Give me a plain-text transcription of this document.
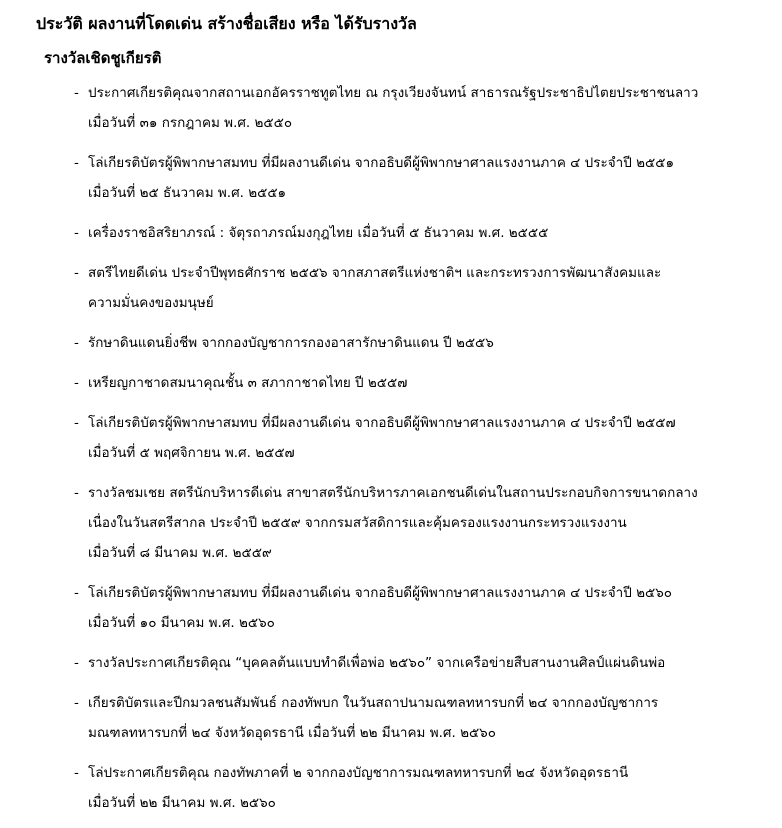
ประวัติ ผลงานที่โดดเด่น สร้างชื่อเสียง หรือ ได้รับรางวัล
รางวัลเชิดชูเกียรติ
- ประกาศเกียรติคุณจากสถานเอกอัครราชทูตไทย ณ กรุงเวียงจันทน์ สาธารณรัฐประชาธิปไตยประชาชนลาว
เมื่อวันที่ ๓๑ กรกฎาคม พ.ศ. ๒๕๕๐
- โล่เกียรติบัตรผู้พิพากษาสมทบ ที่มีผลงานดีเด่น จากอธิบดีผู้พิพากษาศาลแรงงานภาค ๔ ประจำปี ๒๕๕๑
เมื่อวันที่ ๒๕ ธันวาคม พ.ศ. ๒๕๕๑
- เครื่องราชอิสริยาภรณ์ : จัตุรถาภรณ์มงกุฎไทย เมื่อวันที่ ๕ ธันวาคม พ.ศ. ๒๕๕๕
- สตรีไทยดีเด่น ประจำปีพุทธศักราช ๒๕๕๖ จากสภาสตรีแห่งชาติฯ และกระทรวงการพัฒนาสังคมและ
ความมั่นคงของมนุษย์
- รักษาดินแดนยิ่งชีพ จากกองบัญชาการกองอาสารักษาดินแดน ปี ๒๕๕๖
- เหรียญกาชาดสมนาคุณชั้น ๓ สภากาชาดไทย ปี ๒๕๕๗
- โล่เกียรติบัตรผู้พิพากษาสมทบ ที่มีผลงานดีเด่น จากอธิบดีผู้พิพากษาศาลแรงงานภาค ๔ ประจำปี ๒๕๕๗
เมื่อวันที่ ๕ พฤศจิกายน พ.ศ. ๒๕๕๗
- รางวัลชมเชย สตรีนักบริหารดีเด่น สาขาสตรีนักบริหารภาคเอกชนดีเด่นในสถานประกอบกิจการขนาดกลาง
เนื่องในวันสตรีสากล ประจำปี ๒๕๕๙ จากกรมสวัสดิการและคุ้มครองแรงงานกระทรวงแรงงาน
เมื่อวันที่ ๘ มีนาคม พ.ศ. ๒๕๕๙
- โล่เกียรติบัตรผู้พิพากษาสมทบ ที่มีผลงานดีเด่น จากอธิบดีผู้พิพากษาศาลแรงงานภาค ๔ ประจำปี ๒๕๖๐
เมื่อวันที่ ๑๐ มีนาคม พ.ศ. ๒๕๖๐
- รางวัลประกาศเกียรติคุณ “บุคคลต้นแบบทำดีเพื่อพ่อ ๒๕๖๐” จากเครือข่ายสืบสานงานศิลป์แผ่นดินพ่อ
- เกียรติบัตรและปีกมวลชนสัมพันธ์ กองทัพบก ในวันสถาปนามณฑลทหารบกที่ ๒๔ จากกองบัญชาการ
มณฑลทหารบกที่ ๒๔ จังหวัดอุดรธานี เมื่อวันที่ ๒๒ มีนาคม พ.ศ. ๒๕๖๐
- โล่ประกาศเกียรติคุณ กองทัพภาคที่ ๒ จากกองบัญชาการมณฑลทหารบกที่ ๒๔ จังหวัดอุดรธานี
เมื่อวันที่ ๒๒ มีนาคม พ.ศ. ๒๕๖๐
